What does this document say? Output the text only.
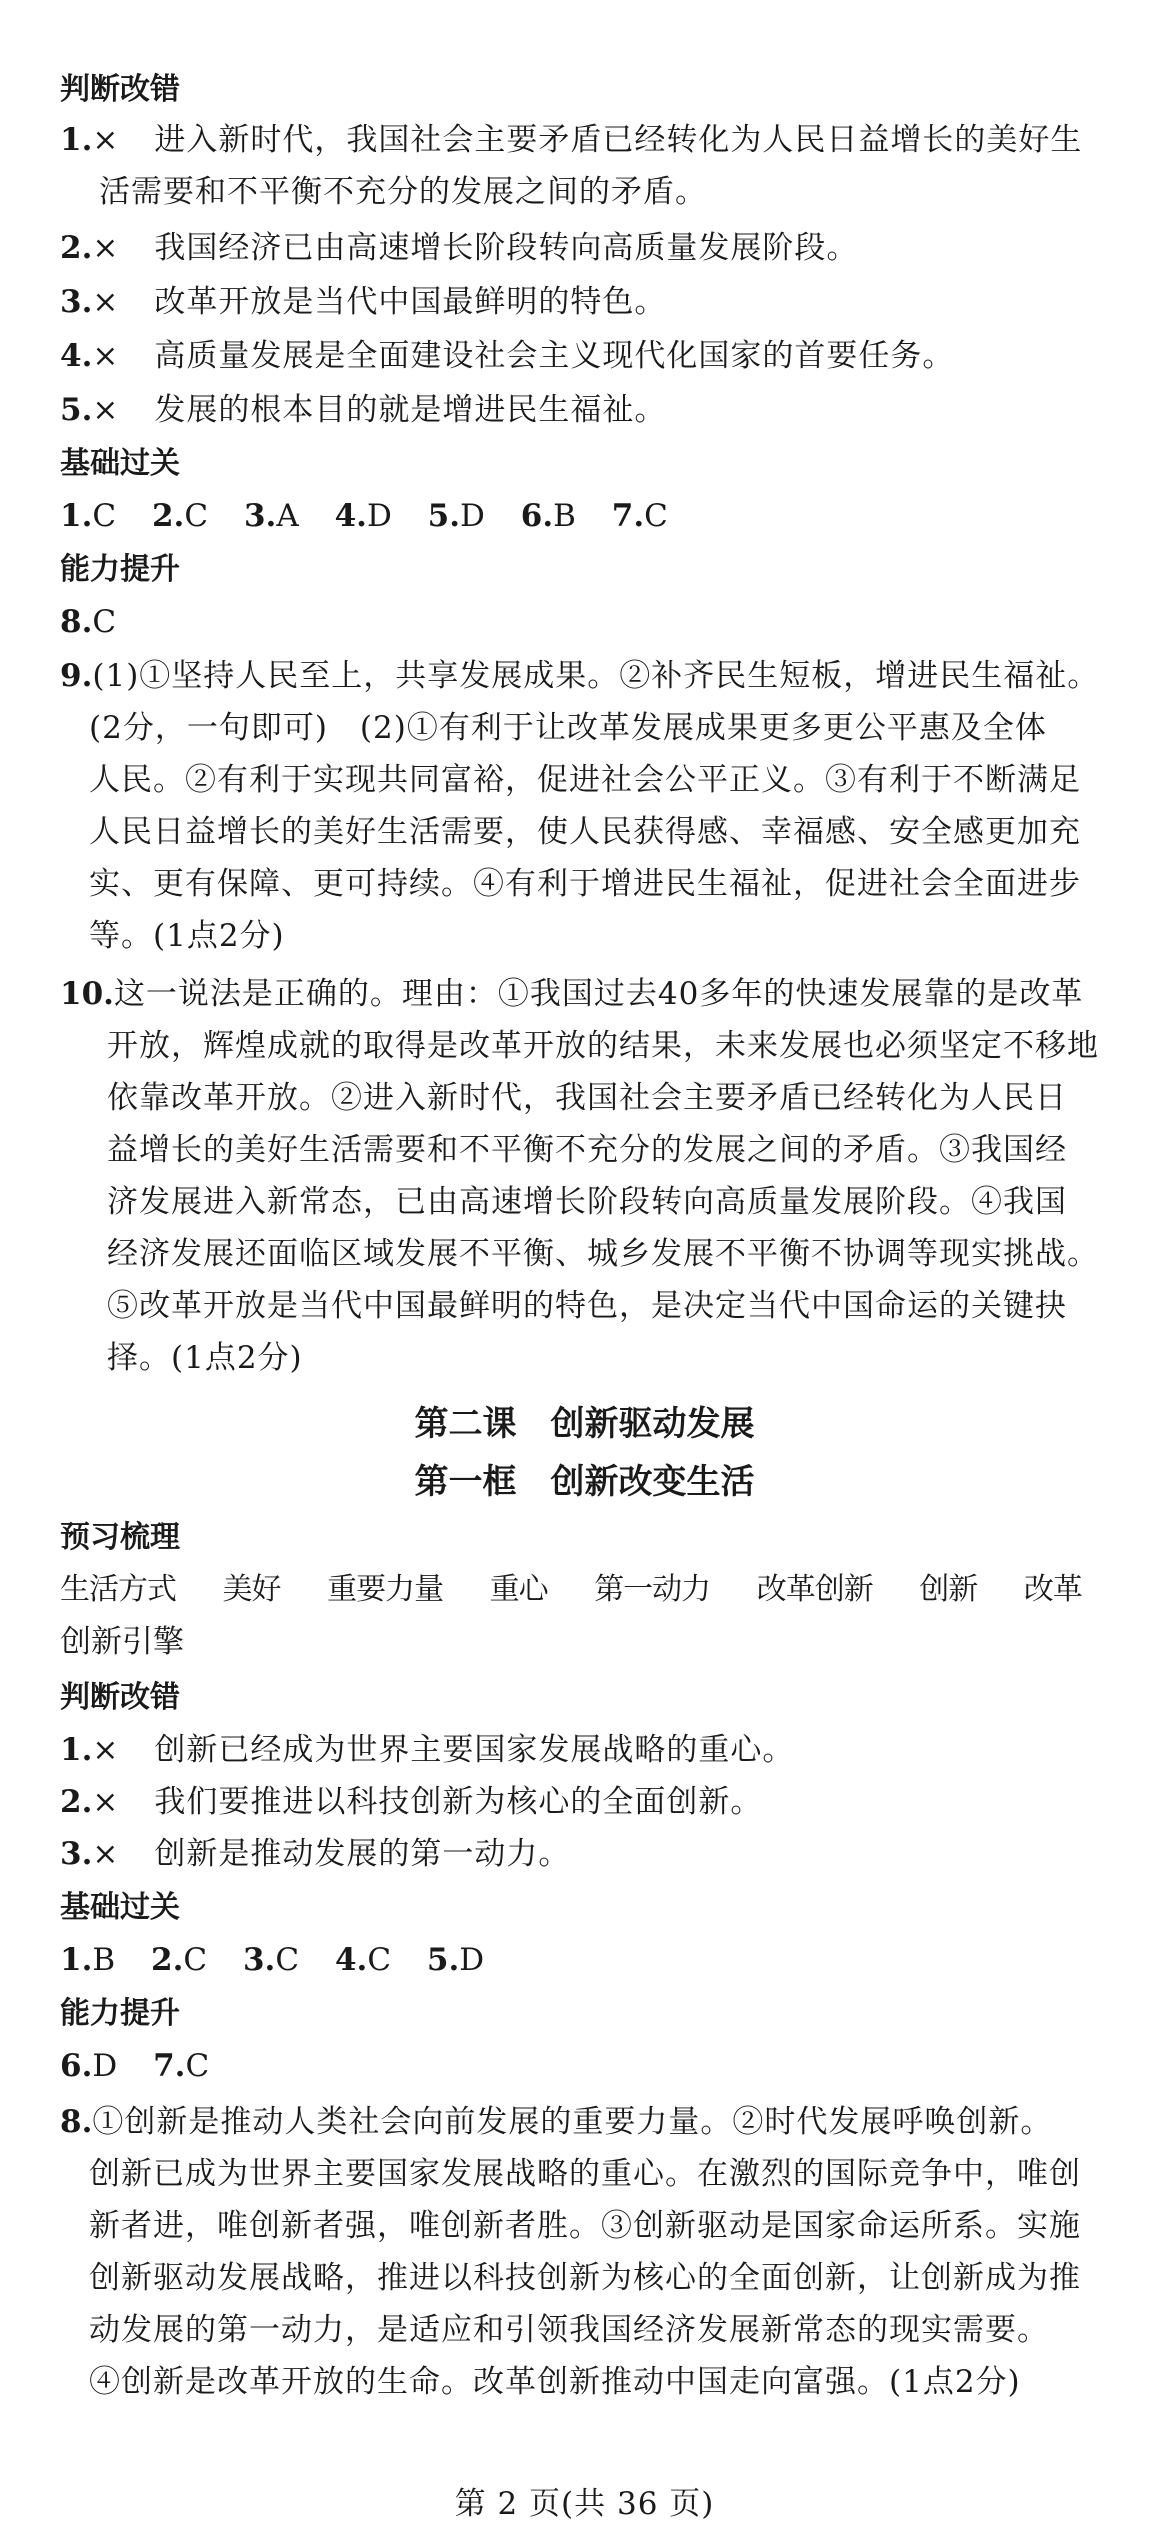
判断改错
1.× 进入新时代，我国社会主要矛盾已经转化为人民日益增长的美好生
活需要和不平衡不充分的发展之间的矛盾。
2.× 我国经济已由高速增长阶段转向高质量发展阶段。
3.× 改革开放是当代中国最鲜明的特色。
4.× 高质量发展是全面建设社会主义现代化国家的首要任务。
5.× 发展的根本目的就是增进民生福祉。
基础过关
1.C 2.C 3.A 4.D 5.D 6.B 7.C
能力提升
8.C
9.(1)①坚持人民至上，共享发展成果。②补齐民生短板，增进民生福祉。
(2分，一句即可)　(2)①有利于让改革发展成果更多更公平惠及全体
人民。②有利于实现共同富裕，促进社会公平正义。③有利于不断满足
人民日益增长的美好生活需要，使人民获得感、幸福感、安全感更加充
实、更有保障、更可持续。④有利于增进民生福祉，促进社会全面进步
等。(1点2分)
10.这一说法是正确的。理由：①我国过去40多年的快速发展靠的是改革
开放，辉煌成就的取得是改革开放的结果，未来发展也必须坚定不移地
依靠改革开放。②进入新时代，我国社会主要矛盾已经转化为人民日
益增长的美好生活需要和不平衡不充分的发展之间的矛盾。③我国经
济发展进入新常态，已由高速增长阶段转向高质量发展阶段。④我国
经济发展还面临区域发展不平衡、城乡发展不平衡不协调等现实挑战。
⑤改革开放是当代中国最鲜明的特色，是决定当代中国命运的关键抉
择。(1点2分)
第二课　创新驱动发展
第一框　创新改变生活
预习梳理
生活方式 美好 重要力量 重心 第一动力 改革创新 创新 改革
创新引擎
判断改错
1.× 创新已经成为世界主要国家发展战略的重心。
2.× 我们要推进以科技创新为核心的全面创新。
3.× 创新是推动发展的第一动力。
基础过关
1.B 2.C 3.C 4.C 5.D
能力提升
6.D 7.C
8.①创新是推动人类社会向前发展的重要力量。②时代发展呼唤创新。
创新已成为世界主要国家发展战略的重心。在激烈的国际竞争中，唯创
新者进，唯创新者强，唯创新者胜。③创新驱动是国家命运所系。实施
创新驱动发展战略，推进以科技创新为核心的全面创新，让创新成为推
动发展的第一动力，是适应和引领我国经济发展新常态的现实需要。
④创新是改革开放的生命。改革创新推动中国走向富强。(1点2分)
第 2 页(共 36 页)
